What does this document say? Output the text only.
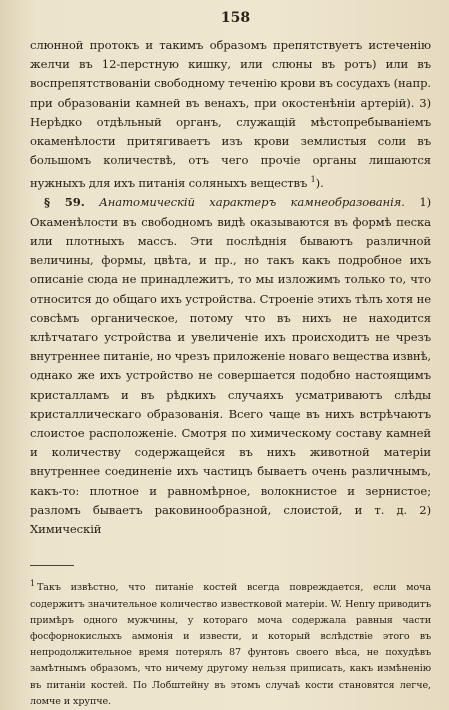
158

слюнной протокъ и такимъ образомъ препятствуетъ истеченію желчи въ 12-перстную кишку, или слюны въ ротъ) или въ воспрепятствованіи свободному теченію крови въ сосудахъ (напр. при образованіи камней въ венахъ, при окостенѣніи артерій). 3) Нерѣдко отдѣльный органъ, служащій мѣстопребываніемъ окаменѣлости притягиваетъ изъ крови землистыя соли въ большомъ количествѣ, отъ чего прочіе органы лишаются нужныхъ для ихъ питанія соляныхъ веществъ $^1$).

§ 59. Анатомическій характеръ камнеобразованія. 1) Окаменѣлости въ свободномъ видѣ оказываются въ формѣ песка или плотныхъ массъ. Эти послѣднія бываютъ различной величины, формы, цвѣта, и пр., но такъ какъ подробное ихъ описаніе сюда не принадлежитъ, то мы изложимъ только то, что относится до общаго ихъ устройства. Строеніе этихъ тѣлъ хотя не совсѣмъ органическое, потому что въ нихъ не находится клѣтчатаго устройства и увеличеніе ихъ происходитъ не чрезъ внутреннее питаніе, но чрезъ приложеніе новаго вещества извнѣ, однако же ихъ устройство не совершается подобно настоящимъ кристалламъ и въ рѣдкихъ случаяхъ усматриваютъ слѣды кристаллическаго образованія. Всего чаще въ нихъ встрѣчаютъ слоистое расположеніе. Смотря по химическому составу камней и количеству содержащейся въ нихъ животной матеріи внутреннее соединеніе ихъ частицъ бываетъ очень различнымъ, какъ-то: плотное и равномѣрное, волокнистое и зернистое; разломъ бываетъ раковинообразной, слоистой, и т. д. 2) Химическій

$^1$ Такъ извѣстно, что питаніе костей всегда повреждается, если моча содержитъ значительное количество известковой матеріи. W. Henry приводитъ примѣръ одного мужчины, у котораго моча содержала равныя части фосфорнокислыхъ аммонія и извести, и который вслѣдствіе этого въ непродолжительное время потерялъ 87 фунтовъ своего вѣса, не похудѣвъ замѣтнымъ образомъ, что ничему другому нельзя приписать, какъ измѣненію въ питаніи костей. По Лобштейну въ этомъ случаѣ кости становятся легче, ломче и хрупче.
